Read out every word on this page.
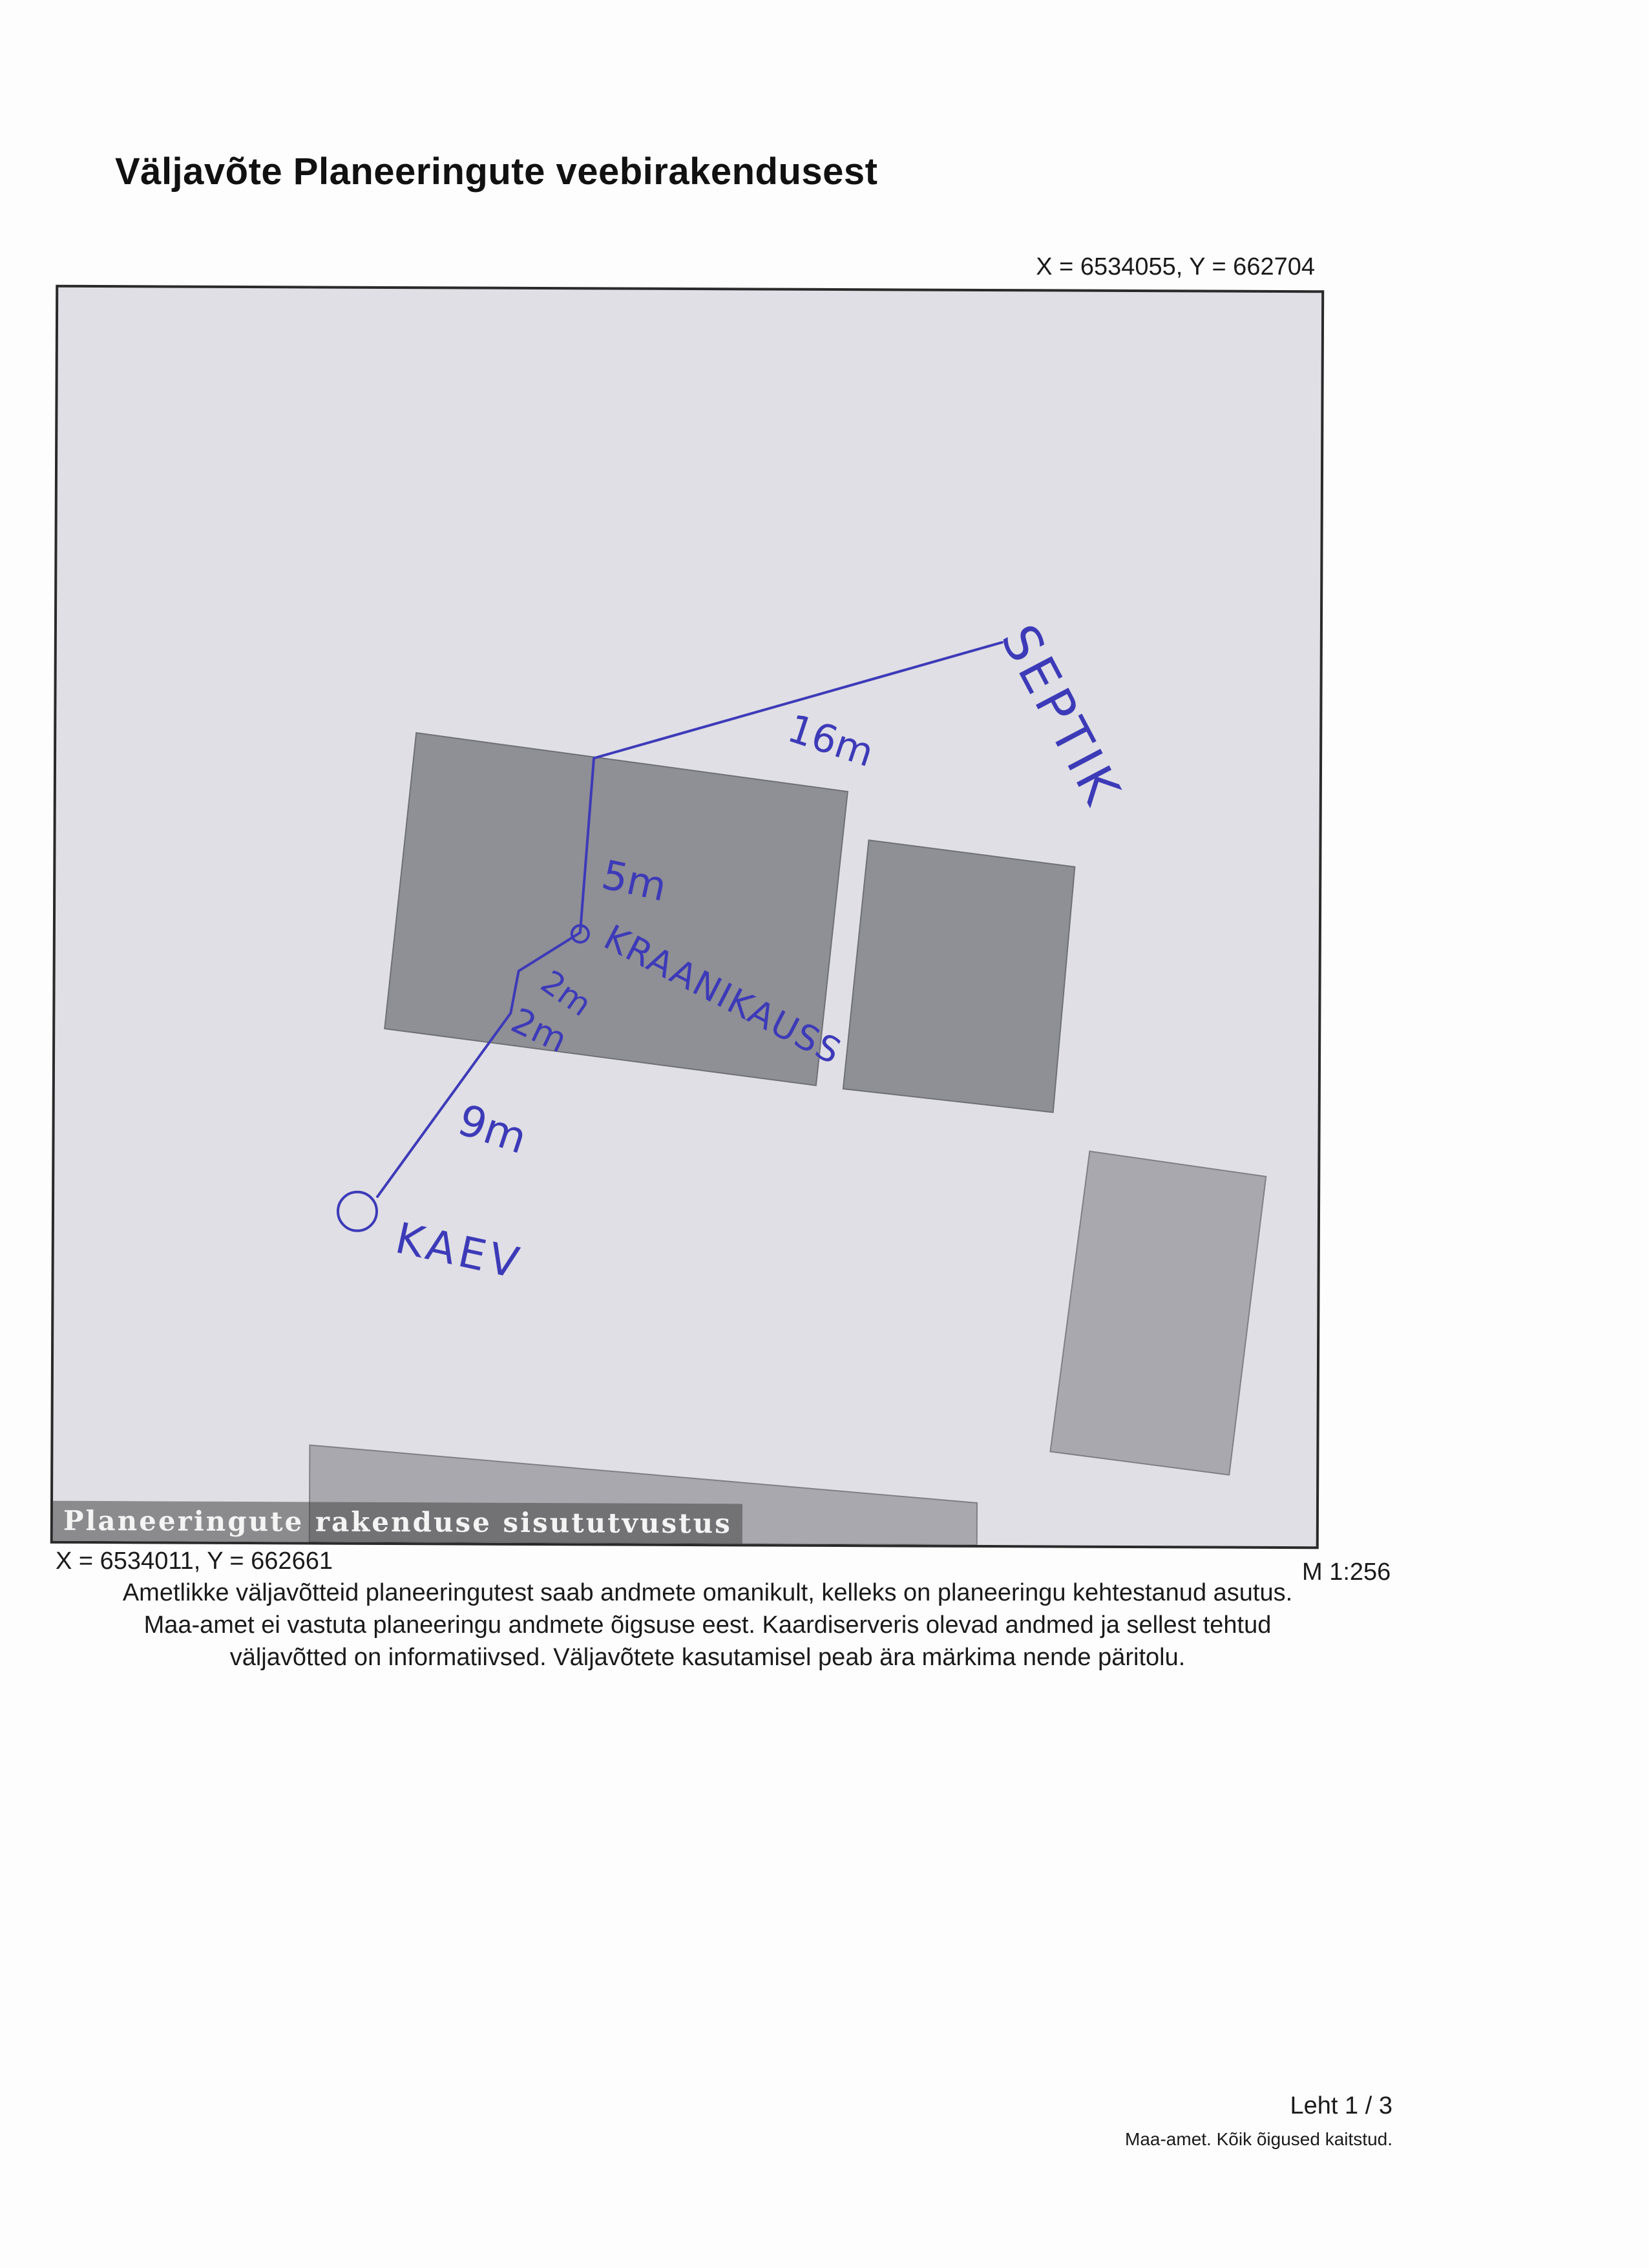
Väljavõte Planeeringute veebirakendusest
X = 6534055, Y = 662704
SEPTIK
16m
5m
KRAANIKAUSS
2m
2m
9m
KAEV
Planeeringute rakenduse sisututvustus
X = 6534011, Y = 662661	M 1:256
Ametlikke väljavõtteid planeeringutest saab andmete omanikult, kelleks on planeeringu kehtestanud asutus. Maa-amet ei vastuta planeeringu andmete õigsuse eest. Kaardiserveris olevad andmed ja sellest tehtud väljavõtted on informatiivsed. Väljavõtete kasutamisel peab ära märkima nende päritolu.
Leht 1 / 3
Maa-amet. Kõik õigused kaitstud.
